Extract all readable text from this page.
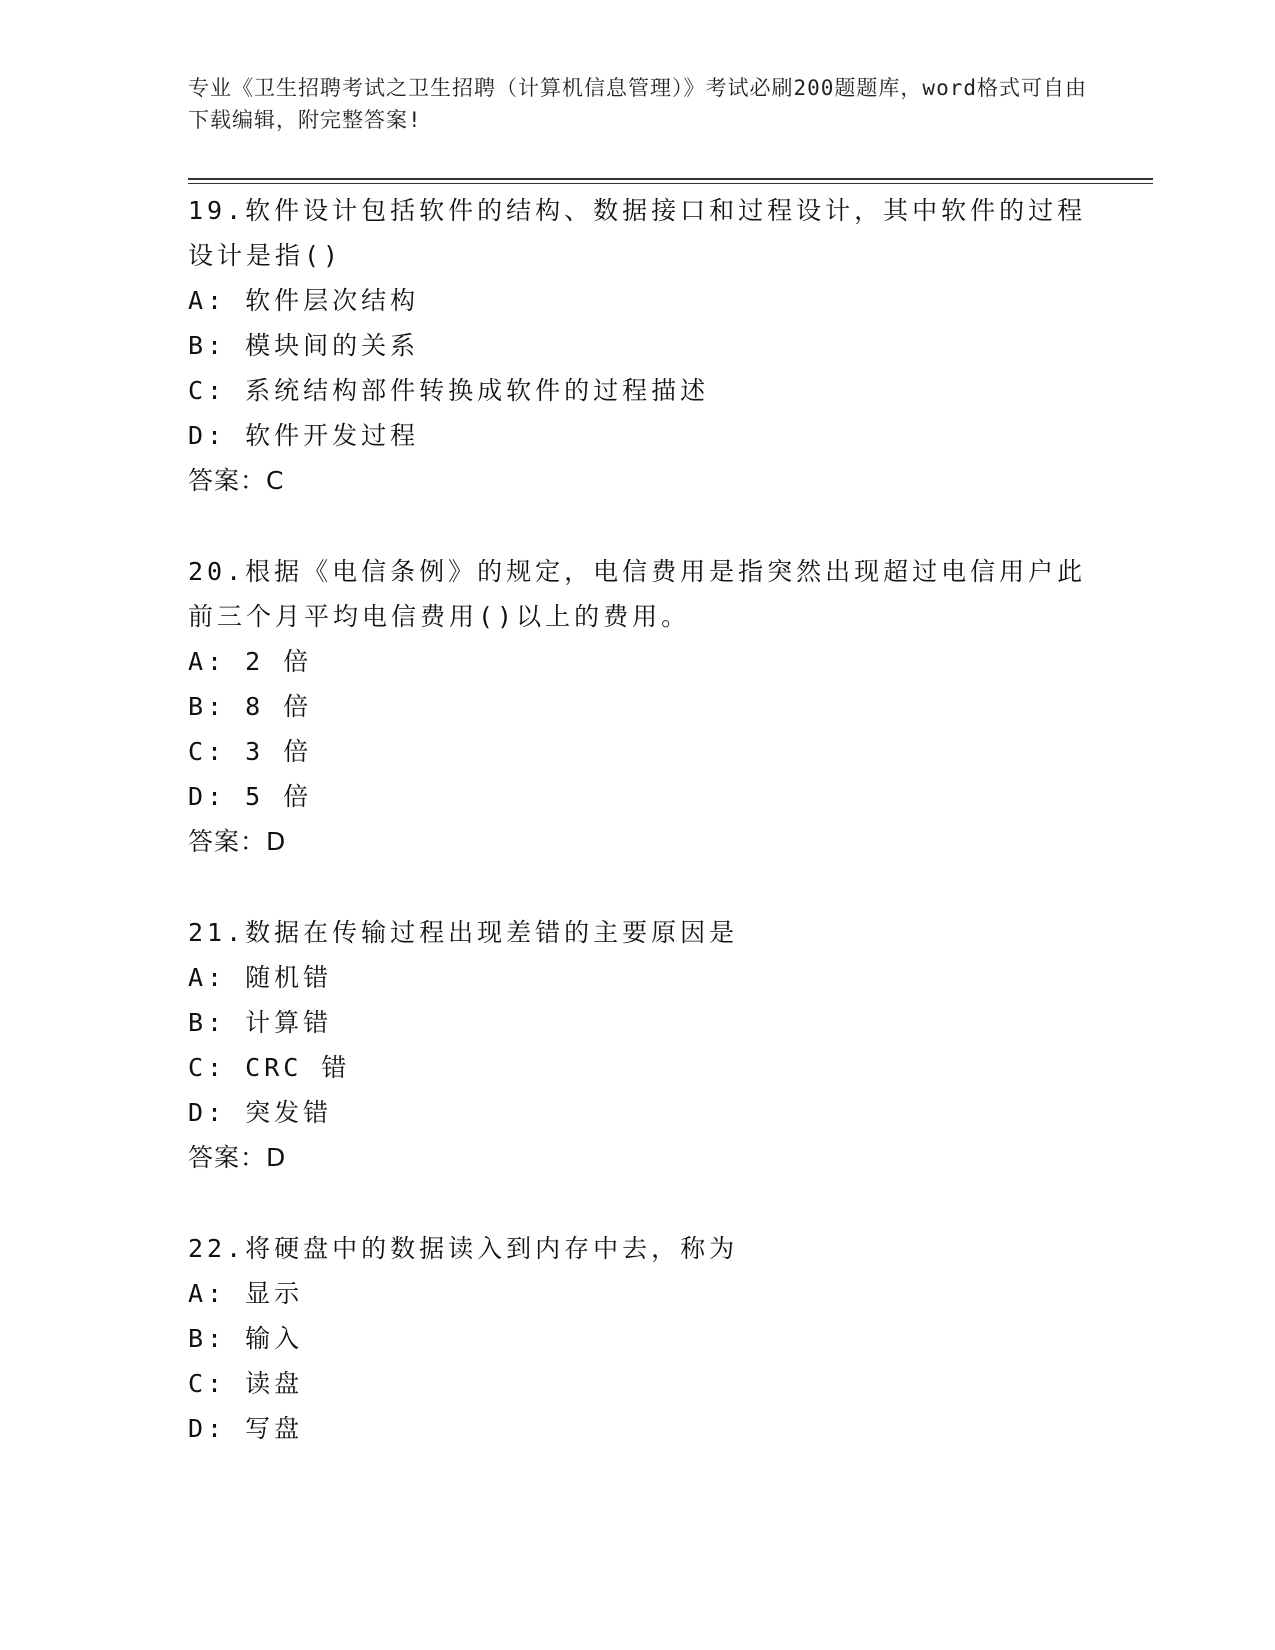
专业《卫生招聘考试之卫生招聘（计算机信息管理）》考试必刷200题题库，word格式可自由下载编辑，附完整答案!

19.软件设计包括软件的结构、数据接口和过程设计，其中软件的过程设计是指()

A: 软件层次结构

B: 模块间的关系

C: 系统结构部件转换成软件的过程描述

D: 软件开发过程

答案：C

20.根据《电信条例》的规定，电信费用是指突然出现超过电信用户此前三个月平均电信费用()以上的费用。

A: 2 倍

B: 8 倍

C: 3 倍

D: 5 倍

答案：D

21.数据在传输过程出现差错的主要原因是

A: 随机错

B: 计算错

C: CRC 错

D: 突发错

答案：D

22.将硬盘中的数据读入到内存中去，称为

A: 显示

B: 输入

C: 读盘

D: 写盘
